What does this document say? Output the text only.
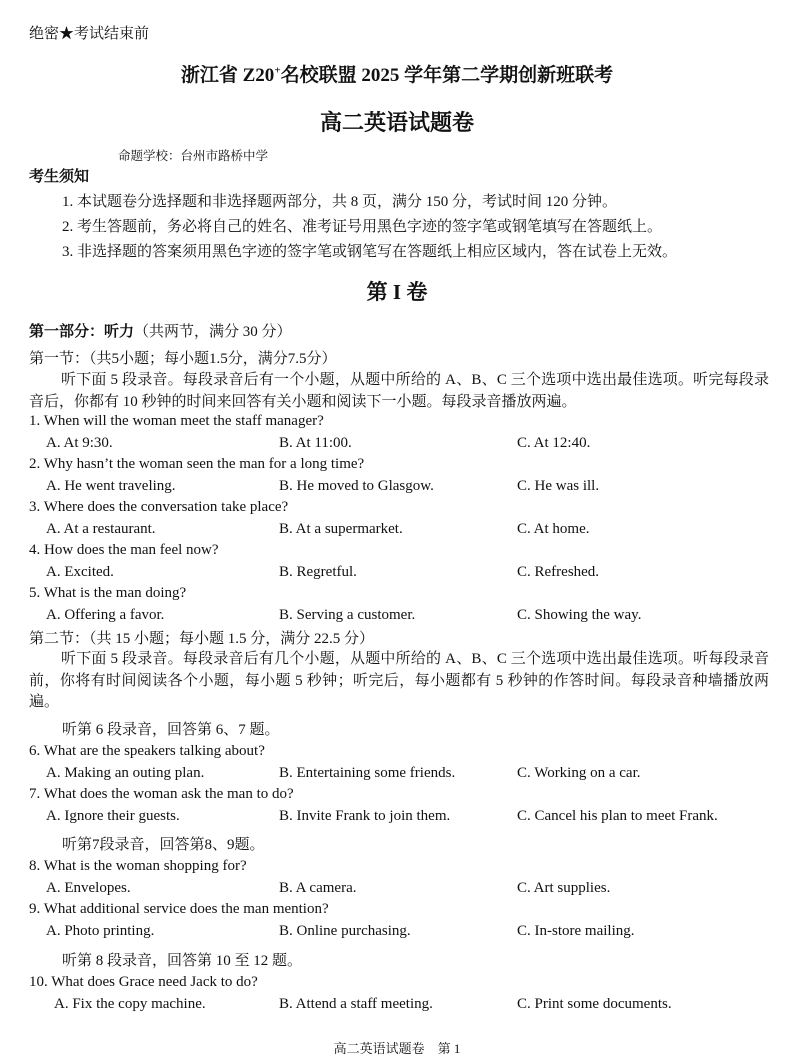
绝密★考试结束前
浙江省 Z20+名校联盟 2025 学年第二学期创新班联考
高二英语试题卷
命题学校：台州市路桥中学
考生须知
1. 本试题卷分选择题和非选择题两部分，共 8 页，满分 150 分，考试时间 120 分钟。
2. 考生答题前，务必将自己的姓名、准考证号用黑色字迹的签字笔或钢笔填写在答题纸上。
3. 非选择题的答案须用黑色字迹的签字笔或钢笔写在答题纸上相应区域内，答在试卷上无效。
第 I 卷
第一部分：听力（共两节，满分 30 分）
第一节：（共5小题；每小题1.5分，满分7.5分）
听下面 5 段录音。每段录音后有一个小题，从题中所给的 A、B、C 三个选项中选出最佳选项。听完每段录音后，你都有 10 秒钟的时间来回答有关小题和阅读下一小题。每段录音播放两遍。
1. When will the woman meet the staff manager?
A. At 9:30.	B. At 11:00.	C. At 12:40.
2. Why hasn’t the woman seen the man for a long time?
A. He went traveling.	B. He moved to Glasgow.	C. He was ill.
3. Where does the conversation take place?
A. At a restaurant.	B. At a supermarket.	C. At home.
4. How does the man feel now?
A. Excited.	B. Regretful.	C. Refreshed.
5. What is the man doing?
A. Offering a favor.	B. Serving a customer.	C. Showing the way.
第二节：（共 15 小题；每小题 1.5 分，满分 22.5 分）
听下面 5 段录音。每段录音后有几个小题，从题中所给的 A、B、C 三个选项中选出最佳选项。听每段录音前，你将有时间阅读各个小题，每小题 5 秒钟；听完后，每小题都有 5 秒钟的作答时间。每段录音种墙播放两遍。
听第 6 段录音，回答第 6、7 题。
6. What are the speakers talking about?
A. Making an outing plan.	B. Entertaining some friends.	C. Working on a car.
7. What does the woman ask the man to do?
A. Ignore their guests.	B. Invite Frank to join them.	C. Cancel his plan to meet Frank.
听第7段录音，回答第8、9题。
8. What is the woman shopping for?
A. Envelopes.	B. A camera.	C. Art supplies.
9. What additional service does the man mention?
A. Photo printing.	B. Online purchasing.	C. In-store mailing.
听第 8 段录音，回答第 10 至 12 题。
10. What does Grace need Jack to do?
A. Fix the copy machine.	B. Attend a staff meeting.	C. Print some documents.
高二英语试题卷　第 1
